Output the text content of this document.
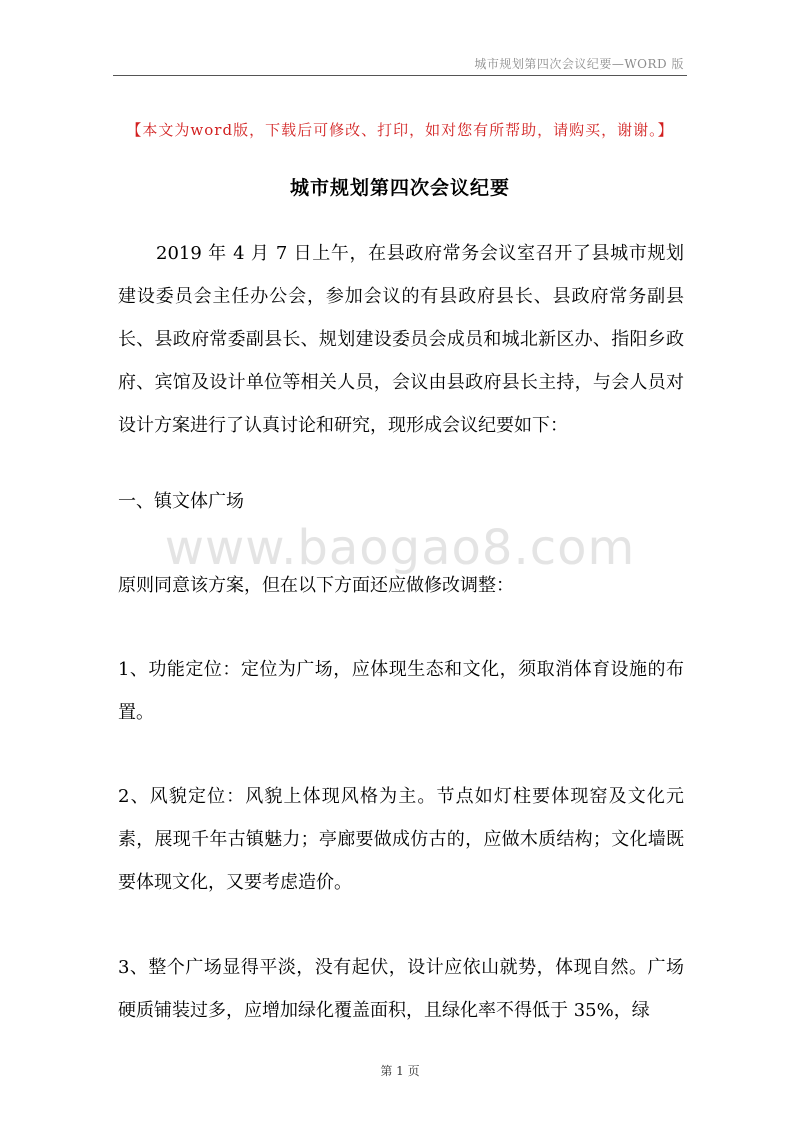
城市规划第四次会议纪要—WORD 版
【本文为word版，下载后可修改、打印，如对您有所帮助，请购买，谢谢。】
城市规划第四次会议纪要

2019 年 4 月 7 日上午，在县政府常务会议室召开了县城市规划建设委员会主任办公会，参加会议的有县政府县长、县政府常务副县长、县政府常委副县长、规划建设委员会成员和城北新区办、指阳乡政府、宾馆及设计单位等相关人员，会议由县政府县长主持，与会人员对设计方案进行了认真讨论和研究，现形成会议纪要如下：

一、镇文体广场

www.baogao8.com

原则同意该方案，但在以下方面还应做修改调整：

1、功能定位：定位为广场，应体现生态和文化，须取消体育设施的布置。

2、风貌定位：风貌上体现风格为主。节点如灯柱要体现窑及文化元素，展现千年古镇魅力；亭廊要做成仿古的，应做木质结构；文化墙既要体现文化，又要考虑造价。

3、整个广场显得平淡，没有起伏，设计应依山就势，体现自然。广场硬质铺装过多，应增加绿化覆盖面积，且绿化率不得低于 35%，绿

第 1 页
